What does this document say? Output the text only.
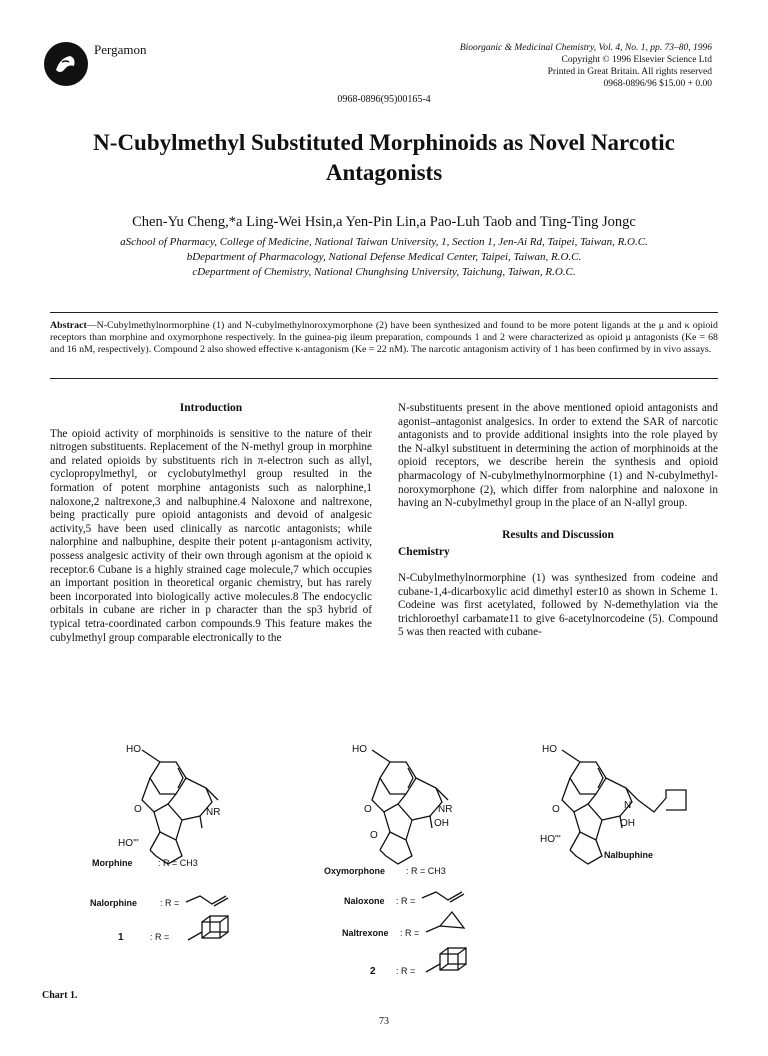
Pergamon	Bioorganic & Medicinal Chemistry, Vol. 4, No. 1, pp. 73–80, 1996
Copyright © 1996 Elsevier Science Ltd
Printed in Great Britain. All rights reserved
0968-0896/96 $15.00 + 0.00
0968-0896(95)00165-4
N-Cubylmethyl Substituted Morphinoids as Novel Narcotic Antagonists
Chen-Yu Cheng,*a Ling-Wei Hsin,a Yen-Pin Lin,a Pao-Luh Taob and Ting-Ting Jongc
aSchool of Pharmacy, College of Medicine, National Taiwan University, 1, Section 1, Jen-Ai Rd, Taipei, Taiwan, R.O.C.
bDepartment of Pharmacology, National Defense Medical Center, Taipei, Taiwan, R.O.C.
cDepartment of Chemistry, National Chunghsing University, Taichung, Taiwan, R.O.C.
Abstract—N-Cubylmethylnormorphine (1) and N-cubylmethylnoroxymorphone (2) have been synthesized and found to be more potent ligands at the μ and κ opioid receptors than morphine and oxymorphone respectively. In the guinea-pig ileum preparation, compounds 1 and 2 were characterized as opioid μ antagonists (Ke = 68 and 16 nM, respectively). Compound 2 also showed effective κ-antagonism (Ke = 22 nM). The narcotic antagonism activity of 1 has been confirmed by in vivo assays.
Introduction

The opioid activity of morphinoids is sensitive to the nature of their nitrogen substituents. Replacement of the N-methyl group in morphine and related opioids by substituents rich in π-electron such as allyl, cyclopropylmethyl, or cyclobutylmethyl group resulted in the formation of potent morphine antagonists such as nalorphine,1 naloxone,2 naltrexone,3 and nalbuphine.4 Naloxone and naltrexone, being practically pure opioid antagonists and devoid of analgesic activity,5 have been used clinically as narcotic antagonists; while nalorphine and nalbuphine, despite their potent μ-antagonism activity, possess analgesic activity of their own through agonism at the opioid κ receptor.6 Cubane is a highly strained cage molecule,7 which occupies an important position in theoretical organic chemistry, but has rarely been incorporated into biologically active molecules.8 The endocyclic orbitals in cubane are richer in p character than the sp3 hybrid of typical tetra-coordinated carbon compounds.9 This feature makes the cubylmethyl group comparable electronically to the

N-substituents present in the above mentioned opioid antagonists and agonist–antagonist analgesics. In order to extend the SAR of narcotic antagonists and to provide additional insights into the role played by the N-alkyl substituent in determining the action of morphinoids at the opioid receptors, we describe herein the synthesis and opioid pharmacology of N-cubylmethylnormorphine (1) and N-cubylmethyl-noroxymorphone (2), which differ from nalorphine and naloxone in having an N-cubylmethyl group in the place of an N-allyl group.

Results and Discussion
Chemistry

N-Cubylmethylnormorphine (1) was synthesized from codeine and cubane-1,4-dicarboxylic acid dimethyl ester10 as shown in Scheme 1. Codeine was first acetylated, followed by N-demethylation via the trichloroethyl carbamate11 to give 6-acetylnorcodeine (5). Compound 5 was then reacted with cubane-

HO
O	NR
HO'''
HO
O	NR
OH
O
HO
O	N
OH
HO'''
Nalbuphine
Morphine	: R = CH3
Nalorphine	: R =
1	: R =
Oxymorphone : R = CH3
Naloxone : R =
Naltrexone : R =
2 : R =
Chart 1.
73
